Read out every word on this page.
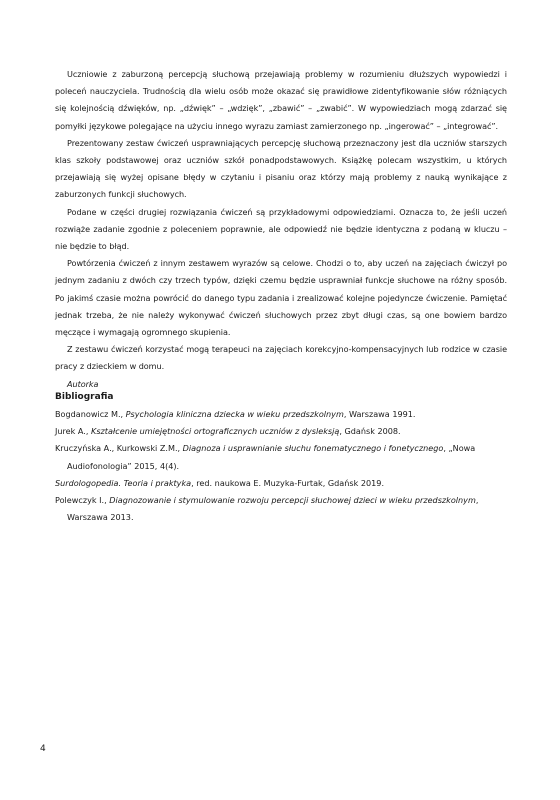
Uczniowie z zaburzoną percepcją słuchową przejawiają problemy w rozumieniu dłuższych wypowiedzi i poleceń nauczyciela. Trudnością dla wielu osób może okazać się prawidłowe zidentyfikowanie słów różniących się kolejnością dźwięków, np. „dźwięk” – „wdzięk”, „zbawić” – „zwabić”. W wypowiedziach mogą zdarzać się pomyłki językowe polegające na użyciu innego wyrazu zamiast zamierzonego np. „ingerować” – „integrować”.

Prezentowany zestaw ćwiczeń usprawniających percepcję słuchową przeznaczony jest dla uczniów starszych klas szkoły podstawowej oraz uczniów szkół ponadpodstawowych. Książkę polecam wszystkim, u których przejawiają się wyżej opisane błędy w czytaniu i pisaniu oraz którzy mają problemy z nauką wynikające z zaburzonych funkcji słuchowych.

Podane w części drugiej rozwiązania ćwiczeń są przykładowymi odpowiedziami. Oznacza to, że jeśli uczeń rozwiąże zadanie zgodnie z poleceniem poprawnie, ale odpowiedź nie będzie identyczna z podaną w kluczu – nie będzie to błąd.

Powtórzenia ćwiczeń z innym zestawem wyrazów są celowe. Chodzi o to, aby uczeń na zajęciach ćwiczył po jednym zadaniu z dwóch czy trzech typów, dzięki czemu będzie usprawniał funkcje słuchowe na różny sposób. Po jakimś czasie można powrócić do danego typu zadania i zrealizować kolejne pojedyncze ćwiczenie. Pamiętać jednak trzeba, że nie należy wykonywać ćwiczeń słuchowych przez zbyt długi czas, są one bowiem bardzo męczące i wymagają ogromnego skupienia.

Z zestawu ćwiczeń korzystać mogą terapeuci na zajęciach korekcyjno-kompensacyjnych lub rodzice w czasie pracy z dzieckiem w domu.

Autorka

Bibliografia
Bogdanowicz M., Psychologia kliniczna dziecka w wieku przedszkolnym, Warszawa 1991.
Jurek A., Kształcenie umiejętności ortograficznych uczniów z dysleksją, Gdańsk 2008.
Kruczyńska A., Kurkowski Z.M., Diagnoza i usprawnianie słuchu fonematycznego i fonetycznego, „Nowa Audiofonologia” 2015, 4(4).
Surdologopedia. Teoria i praktyka, red. naukowa E. Muzyka-Furtak, Gdańsk 2019.
Polewczyk I., Diagnozowanie i stymulowanie rozwoju percepcji słuchowej dzieci w wieku przedszkolnym, Warszawa 2013.
4
